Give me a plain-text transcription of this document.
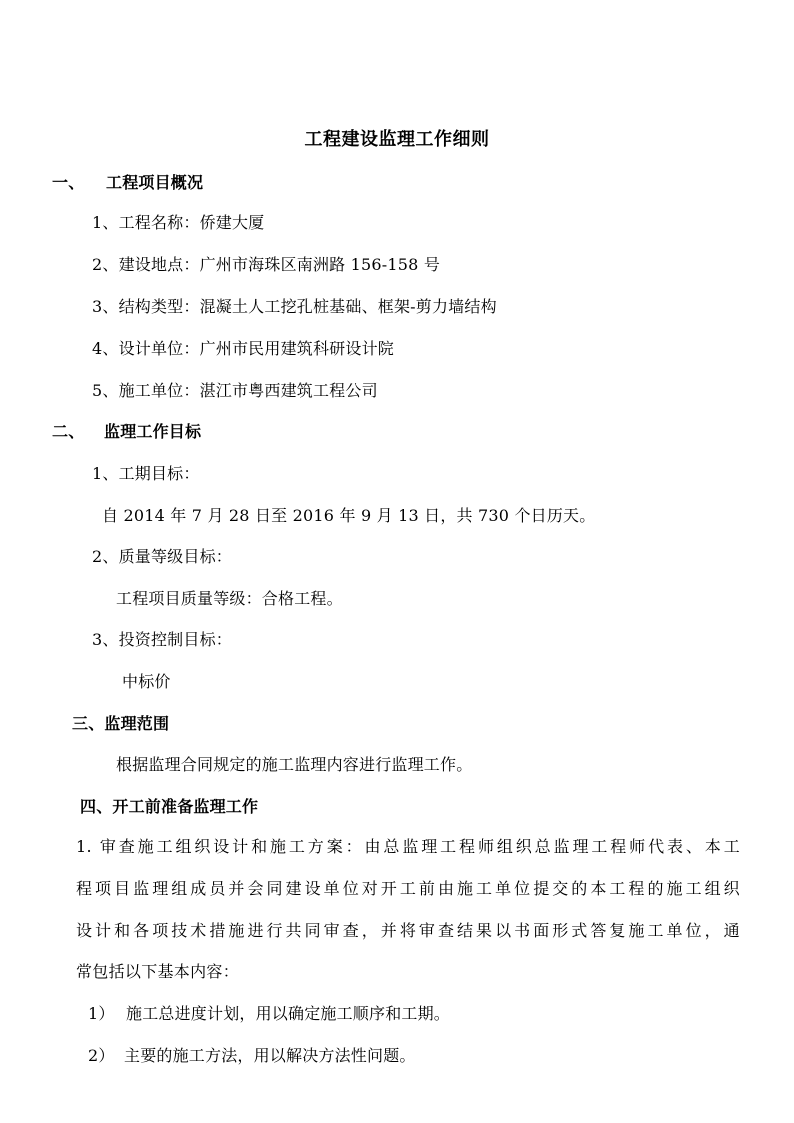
工程建设监理工作细则
一、 工程项目概况
1、工程名称：侨建大厦
2、建设地点：广州市海珠区南洲路 156-158 号
3、结构类型：混凝土人工挖孔桩基础、框架-剪力墙结构
4、设计单位：广州市民用建筑科研设计院
5、施工单位：湛江市粤西建筑工程公司
二、 监理工作目标
1、工期目标：
自 2014 年 7 月 28 日至 2016 年 9 月 13 日，共 730 个日历天。
2、质量等级目标：
工程项目质量等级：合格工程。
3、投资控制目标：
中标价
三、监理范围
根据监理合同规定的施工监理内容进行监理工作。
四、开工前准备监理工作
1. 审查施工组织设计和施工方案：由总监理工程师组织总监理工程师代表、本工
程项目监理组成员并会同建设单位对开工前由施工单位提交的本工程的施工组织
设计和各项技术措施进行共同审查，并将审查结果以书面形式答复施工单位，通
常包括以下基本内容：
1） 施工总进度计划，用以确定施工顺序和工期。
2） 主要的施工方法，用以解决方法性问题。
